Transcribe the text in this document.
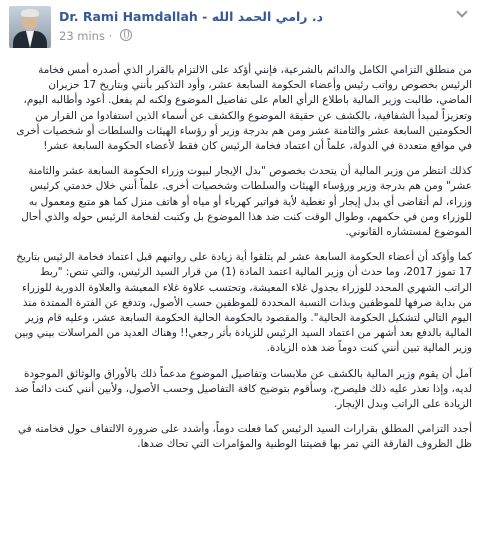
Dr. Rami Hamdallah - د. رامي الحمد الله
23 mins ·

من منطلق التزامي الكامل والدائم بالشرعية، فإنني أؤكد على الالتزام بالقرار الذي أصدره أمس فخامة الرئيس بخصوص رواتب رئيس وأعضاء الحكومة السابعة عشر، وأود التذكير بأنني وبتاريخ 17 حزيران الماضي، طالبت وزير المالية باطلاع الرأي العام على تفاصيل الموضوع ولكنه لم يفعل. أعود وأطالبه اليوم، وتعزيزاً لمبدأ الشفافية، بالكشف عن حقيقة الموضوع والكشف عن أسماء الذين استفادوا من القرار من الحكومتين السابعة عشر والثامنة عشر ومن هم بدرجة وزير أو رؤساء الهيئات والسلطات أو شخصيات أخرى في مواقع متعددة في الدولة، علماً أن اعتماد فخامة الرئيس كان فقط لأعضاء الحكومة السابعة عشر!

كذلك انتظر من وزير المالية أن يتحدث بخصوص "بدل الإيجار لبيوت وزراء الحكومة السابعة عشر والثامنة عشر" ومن هم بدرجة وزير ورؤساء الهيئات والسلطات وشخصيات أخرى. علماً أنني خلال خدمتي كرئيس وزراء، لم أتقاضى أي بدل إيجار أو تغطية لأية فواتير كهرباء أو مياه أو هاتف منزل كما هو متبع ومعمول به للوزراء ومن في حكمهم، وطوال الوقت كنت ضد هذا الموضوع بل وكتبت لفخامة الرئيس حوله والذي أحال الموضوع لمستشاره القانوني.

كما وأؤكد أن أعضاء الحكومة السابعة عشر لم يتلقوا أية زيادة على رواتبهم قبل اعتماد فخامة الرئيس بتاريخ 17 تموز 2017، وما حدث أن وزير المالية اعتمد المادة (1) من قرار السيد الرئيس، والتي تنص: "ربط الراتب الشهري المحدد للوزراء بجدول غلاء المعيشة، وتحتسب علاوة غلاء المعيشة والعلاوة الدورية للوزراء من بداية صرفها للموظفين وبذات النسبة المحددة للموظفين حسب الأصول، وتدفع عن الفترة الممتدة منذ اليوم التالي لتشكيل الحكومة الحالية". والمقصود بالحكومة الحالية الحكومة السابعة عشر، وعليه قام وزير المالية بالدفع بعد أشهر من اعتماد السيد الرئيس للزيادة بأثر رجعي!! وهناك العديد من المراسلات بيني وبين وزير المالية تبين أنني كنت دوماً ضد هذه الزيادة.

آمل أن يقوم وزير المالية بالكشف عن ملابسات وتفاصيل الموضوع مدعماً ذلك بالأوراق والوثائق الموجودة لديه، وإذا تعذر عليه ذلك فليصرح، وسأقوم بتوضيح كافة التفاصيل وحسب الأصول، ولأبين أنني كنت دائماً ضد الزيادة على الراتب وبدل الإيجار.

أجدد التزامي المطلق بقرارات السيد الرئيس كما فعلت دوماً، وأشدد على ضرورة الالتفاف حول فخامته في ظل الظروف الفارقة التي تمر بها قضيتنا الوطنية والمؤامرات التي تحاك ضدها.
